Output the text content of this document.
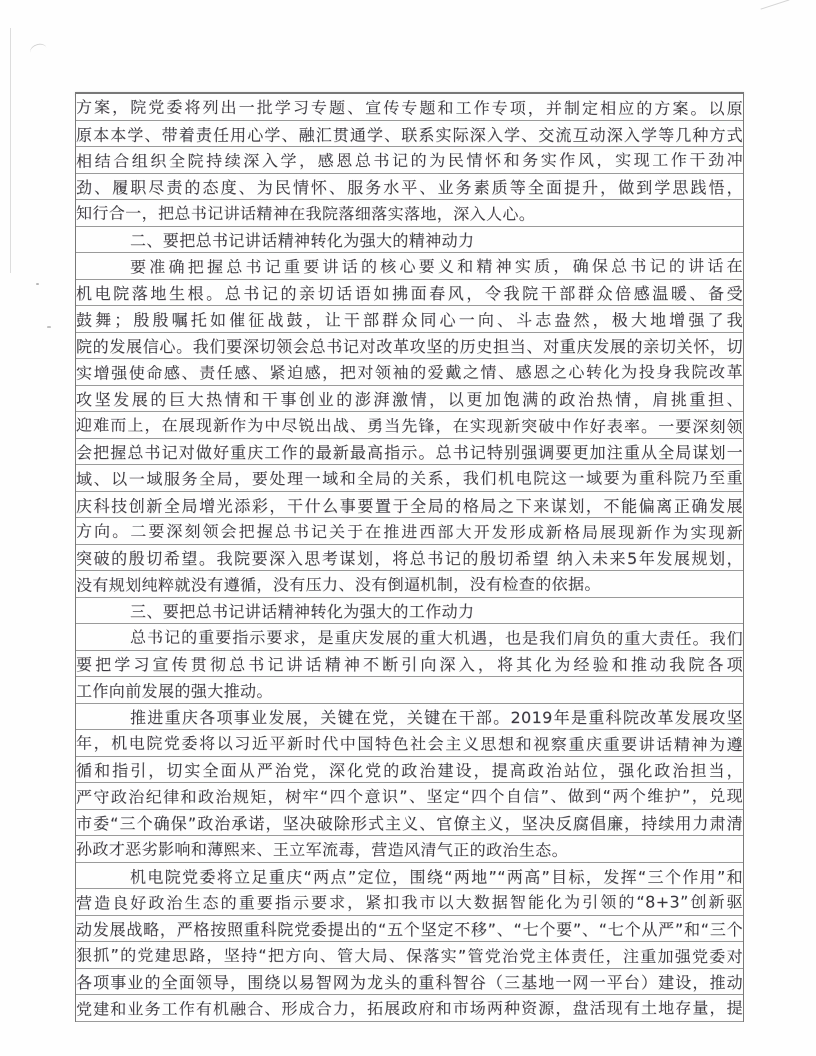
方案，院党委将列出一批学习专题、宣传专题和工作专项，并制定相应的方案。以原
原本本学、带着责任用心学、融汇贯通学、联系实际深入学、交流互动深入学等几种方式
相结合组织全院持续深入学，感恩总书记的为民情怀和务实作风，实现工作干劲冲
劲、履职尽责的态度、为民情怀、服务水平、业务素质等全面提升，做到学思践悟，
知行合一，把总书记讲话精神在我院落细落实落地，深入人心。
二、要把总书记讲话精神转化为强大的精神动力
要准确把握总书记重要讲话的核心要义和精神实质，确保总书记的讲话在
机电院落地生根。总书记的亲切话语如拂面春风，令我院干部群众倍感温暖、备受
鼓舞；殷殷嘱托如催征战鼓，让干部群众同心一向、斗志盎然，极大地增强了我
院的发展信心。我们要深切领会总书记对改革攻坚的历史担当、对重庆发展的亲切关怀，切
实增强使命感、责任感、紧迫感，把对领袖的爱戴之情、感恩之心转化为投身我院改革
攻坚发展的巨大热情和干事创业的澎湃激情，以更加饱满的政治热情，肩挑重担、
迎难而上，在展现新作为中尽锐出战、勇当先锋，在实现新突破中作好表率。一要深刻领
会把握总书记对做好重庆工作的最新最高指示。总书记特别强调要更加注重从全局谋划一
域、以一域服务全局，要处理一域和全局的关系，我们机电院这一域要为重科院乃至重
庆科技创新全局增光添彩，干什么事要置于全局的格局之下来谋划，不能偏离正确发展
方向。二要深刻领会把握总书记关于在推进西部大开发形成新格局展现新作为实现新
突破的殷切希望。我院要深入思考谋划，将总书记的殷切希望 纳入未来5年发展规划，
没有规划纯粹就没有遵循，没有压力、没有倒逼机制，没有检查的依据。
三、要把总书记讲话精神转化为强大的工作动力
总书记的重要指示要求，是重庆发展的重大机遇，也是我们肩负的重大责任。我们
要把学习宣传贯彻总书记讲话精神不断引向深入，将其化为经验和推动我院各项
工作向前发展的强大推动。
推进重庆各项事业发展，关键在党，关键在干部。2019年是重科院改革发展攻坚
年，机电院党委将以习近平新时代中国特色社会主义思想和视察重庆重要讲话精神为遵
循和指引，切实全面从严治党，深化党的政治建设，提高政治站位，强化政治担当，
严守政治纪律和政治规矩，树牢“四个意识”、坚定“四个自信”、做到“两个维护”，兑现
市委“三个确保”政治承诺，坚决破除形式主义、官僚主义，坚决反腐倡廉，持续用力肃清
孙政才恶劣影响和薄熙来、王立军流毒，营造风清气正的政治生态。
机电院党委将立足重庆“两点”定位，围绕“两地”“两高”目标，发挥“三个作用”和
营造良好政治生态的重要指示要求，紧扣我市以大数据智能化为引领的“8+3”创新驱
动发展战略，严格按照重科院党委提出的“五个坚定不移”、“七个要”、“七个从严”和“三个
狠抓”的党建思路，坚持“把方向、管大局、保落实”管党治党主体责任，注重加强党委对
各项事业的全面领导，围绕以易智网为龙头的重科智谷（三基地一网一平台）建设，推动
党建和业务工作有机融合、形成合力，拓展政府和市场两种资源，盘活现有土地存量，提
